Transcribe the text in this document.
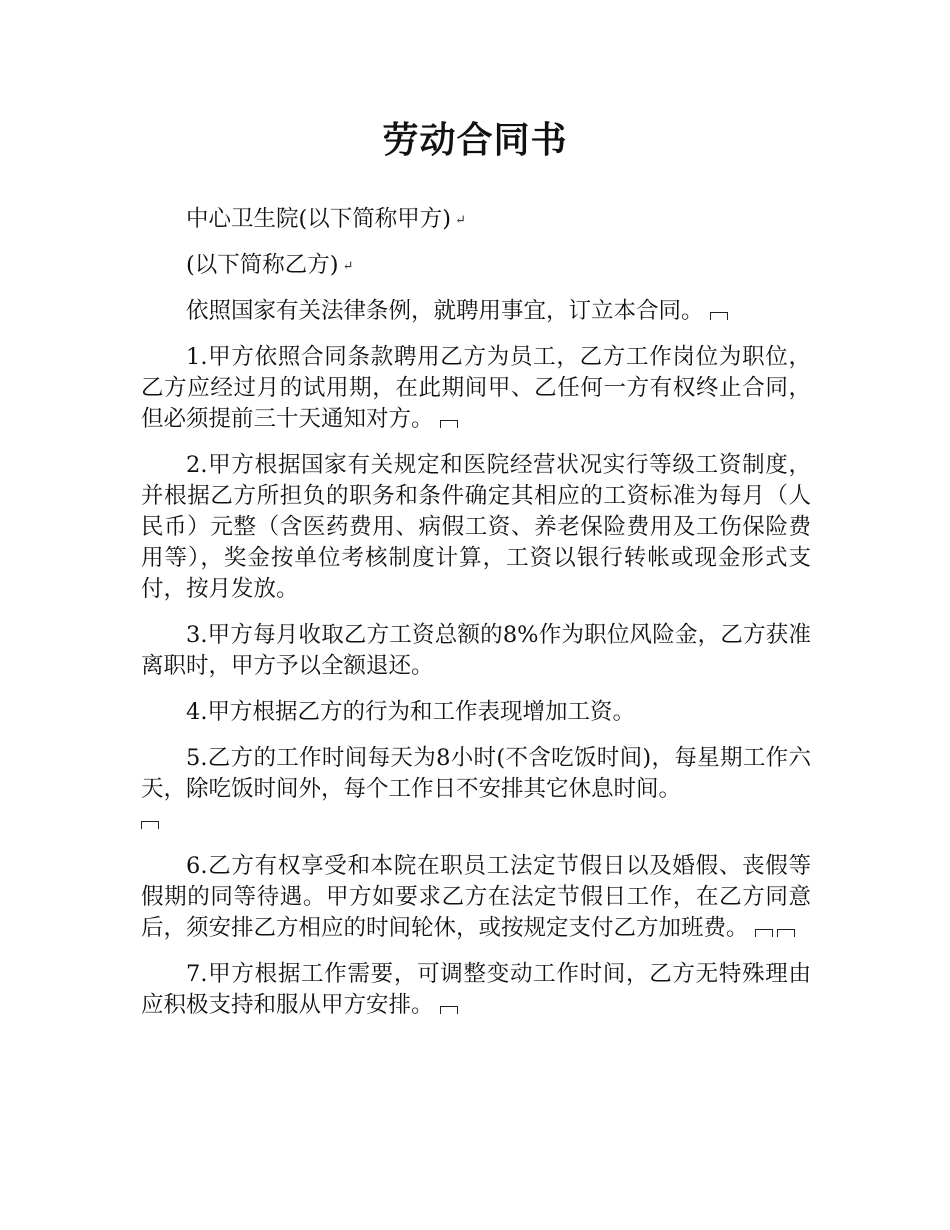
劳动合同书

中心卫生院(以下简称甲方)↵

(以下简称乙方)↵

依照国家有关法律条例，就聘用事宜，订立本合同。

1.甲方依照合同条款聘用乙方为员工，乙方工作岗位为职位，乙方应经过月的试用期，在此期间甲、乙任何一方有权终止合同，但必须提前三十天通知对方。

2.甲方根据国家有关规定和医院经营状况实行等级工资制度，并根据乙方所担负的职务和条件确定其相应的工资标准为每月（人民币）元整（含医药费用、病假工资、养老保险费用及工伤保险费用等），奖金按单位考核制度计算，工资以银行转帐或现金形式支付，按月发放。

3.甲方每月收取乙方工资总额的8%作为职位风险金，乙方获准离职时，甲方予以全额退还。

4.甲方根据乙方的行为和工作表现增加工资。

5.乙方的工作时间每天为8小时(不含吃饭时间)，每星期工作六天，除吃饭时间外，每个工作日不安排其它休息时间。

6.乙方有权享受和本院在职员工法定节假日以及婚假、丧假等假期的同等待遇。甲方如要求乙方在法定节假日工作，在乙方同意后，须安排乙方相应的时间轮休，或按规定支付乙方加班费。

7.甲方根据工作需要，可调整变动工作时间，乙方无特殊理由应积极支持和服从甲方安排。
